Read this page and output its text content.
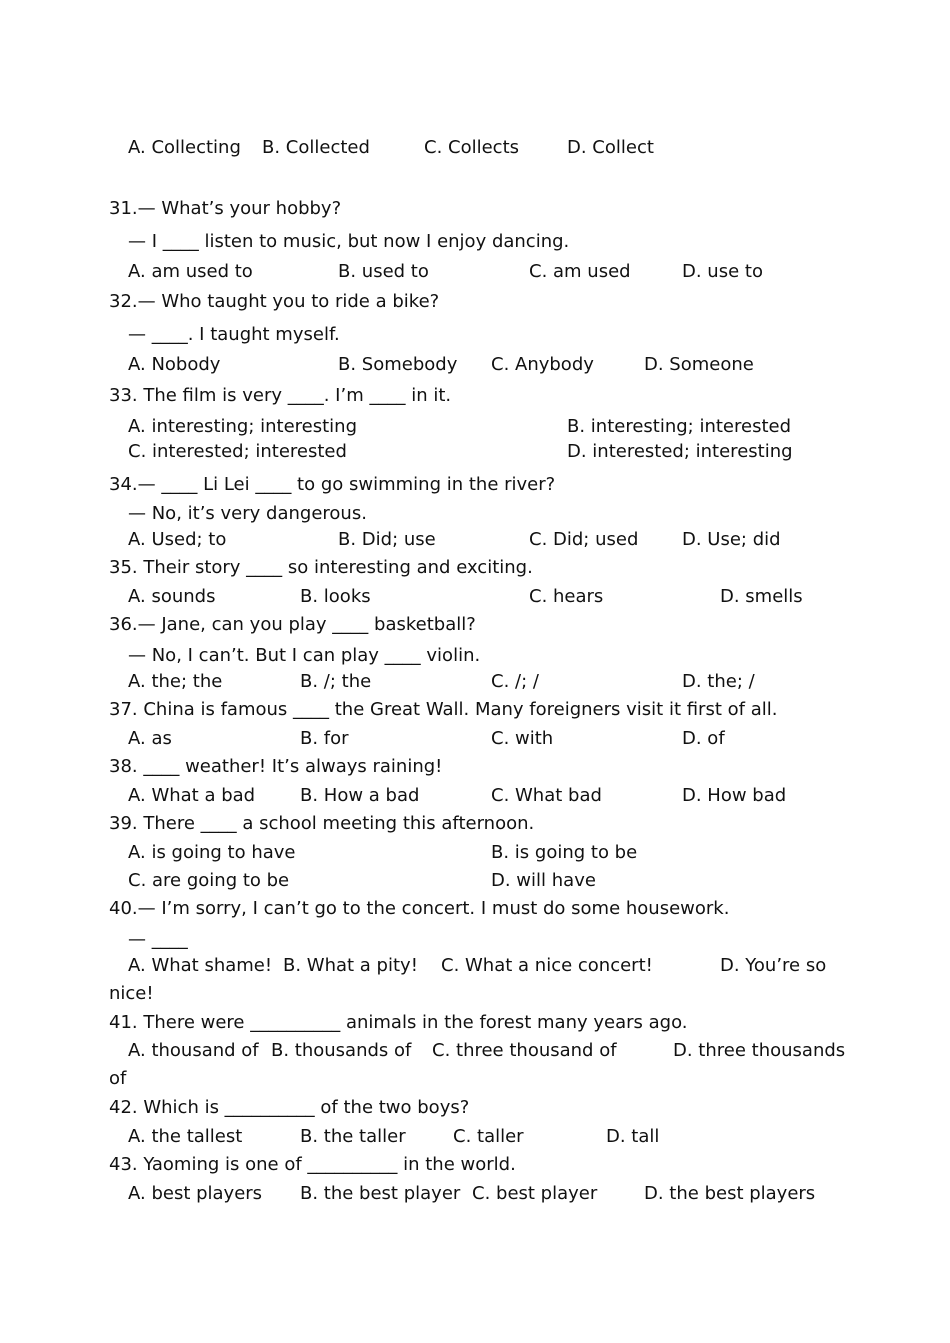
A. Collecting B. Collected	C. Collects	D. Collect
31.— What’s your hobby?
— I ____ listen to music, but now I enjoy dancing.
A. am used to	B. used to	C. am used	D. use to
32.— Who taught you to ride a bike?
— ____. I taught myself.
A. Nobody	B. Somebody C. Anybody	D. Someone
33. The film is very ____. I’m ____ in it.
A. interesting; interesting	B. interesting; interested
C. interested; interested	D. interested; interesting
34.— ____ Li Lei ____ to go swimming in the river?
— No, it’s very dangerous.
A. Used; to	B. Did; use	C. Did; used D. Use; did
35. Their story ____ so interesting and exciting.
A. sounds	B. looks	C. hears	D. smells
36.— Jane, can you play ____ basketball?
— No, I can’t. But I can play ____ violin.
A. the; the	B. /; the	C. /; /	D. the; /
37. China is famous ____ the Great Wall. Many foreigners visit it first of all.
A. as	B. for	C. with	D. of
38. ____ weather! It’s always raining!
A. What a bad B. How a bad	C. What bad	D. How bad
39. There ____ a school meeting this afternoon.
A. is going to have	B. is going to be
C. are going to be	D. will have
40.— I’m sorry, I can’t go to the concert. I must do some housework.
— ____
A. What shame! B. What a pity! C. What a nice concert!	D. You’re so
nice!
41. There were __________ animals in the forest many years ago.
A. thousand of B. thousands of C. three thousand of	D. three thousands
of
42. Which is __________ of the two boys?
A. the tallest	B. the taller	C. taller	D. tall
43. Yaoming is one of __________ in the world.
A. best players B. the best player C. best player	D. the best players
